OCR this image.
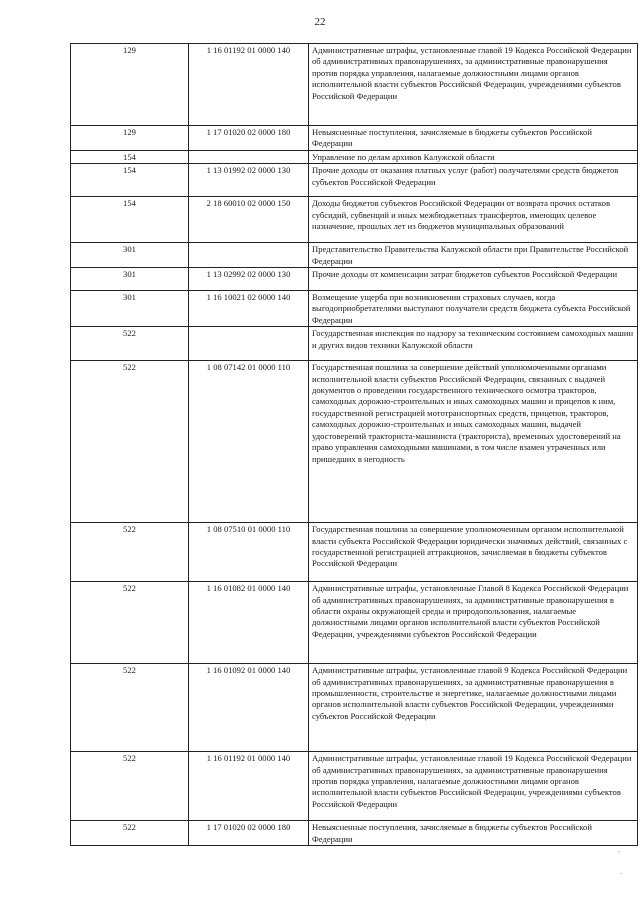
22
129	1 16 01192 01 0000 140	Административные штрафы, установленные главой 19 Кодекса Российской Федерации об административных правонарушениях, за административные правонарушения против порядка управления, налагаемые должностными лицами органов исполнительной власти субъектов Российской Федерации, учреждениями субъектов Российской Федерации
129	1 17 01020 02 0000 180	Невыясненные поступления, зачисляемые в бюджеты субъектов Российской Федерации
154		Управление по делам архивов Калужской области
154	1 13 01992 02 0000 130	Прочие доходы от оказания платных услуг (работ) получателями средств бюджетов субъектов Российской Федерации
154	2 18 60010 02 0000 150	Доходы бюджетов субъектов Российской Федерации от возврата прочих остатков субсидий, субвенций и иных межбюджетных трансфертов, имеющих целевое назначение, прошлых лет из бюджетов муниципальных образований
301		Представительство Правительства Калужской области при Правительстве Российской Федерации
301	1 13 02992 02 0000 130	Прочие доходы от компенсации затрат бюджетов субъектов Российской Федерации
301	1 16 10021 02 0000 140	Возмещение ущерба при возникновении страховых случаев, когда выгодоприобретателями выступают получатели средств бюджета субъекта Российской Федерации
522		Государственная инспекция по надзору за техническим состоянием самоходных машин и других видов техники Калужской области
522	1 08 07142 01 0000 110	Государственная пошлина за совершение действий уполномоченными органами исполнительной власти субъектов Российской Федерации, связанных с выдачей документов о проведении государственного технического осмотра тракторов, самоходных дорожно-строительных и иных самоходных машин и прицепов к ним, государственной регистрацией мототранспортных средств, прицепов, тракторов, самоходных дорожно-строительных и иных самоходных машин, выдачей удостоверений тракториста-машиниста (тракториста), временных удостоверений на право управления самоходными машинами, в том числе взамен утраченных или пришедших в негодность
522	1 08 07510 01 0000 110	Государственная пошлина за совершение уполномоченным органом исполнительной власти субъекта Российской Федерации юридически значимых действий, связанных с государственной регистрацией аттракционов, зачисляемая в бюджеты субъектов Российской Федерации
522	1 16 01082 01 0000 140	Административные штрафы, установленные Главой 8 Кодекса Российской Федерации об административных правонарушениях, за административные правонарушения в области охраны окружающей среды и природопользования, налагаемые должностными лицами органов исполнительной власти субъектов Российской Федерации, учреждениями субъектов Российской Федерации
522	1 16 01092 01 0000 140	Административные штрафы, установленные главой 9 Кодекса Российской Федерации об административных правонарушениях, за административные правонарушения в промышленности, строительстве и энергетике, налагаемые должностными лицами органов исполнительной власти субъектов Российской Федерации, учреждениями субъектов Российской Федерации
522	1 16 01192 01 0000 140	Административные штрафы, установленные главой 19 Кодекса Российской Федерации об административных правонарушениях, за административные правонарушения против порядка управления, налагаемые должностными лицами органов исполнительной власти субъектов Российской Федерации, учреждениями субъектов Российской Федерации
522	1 17 01020 02 0000 180	Невыясненные поступления, зачисляемые в бюджеты субъектов Российской Федерации
·
·
